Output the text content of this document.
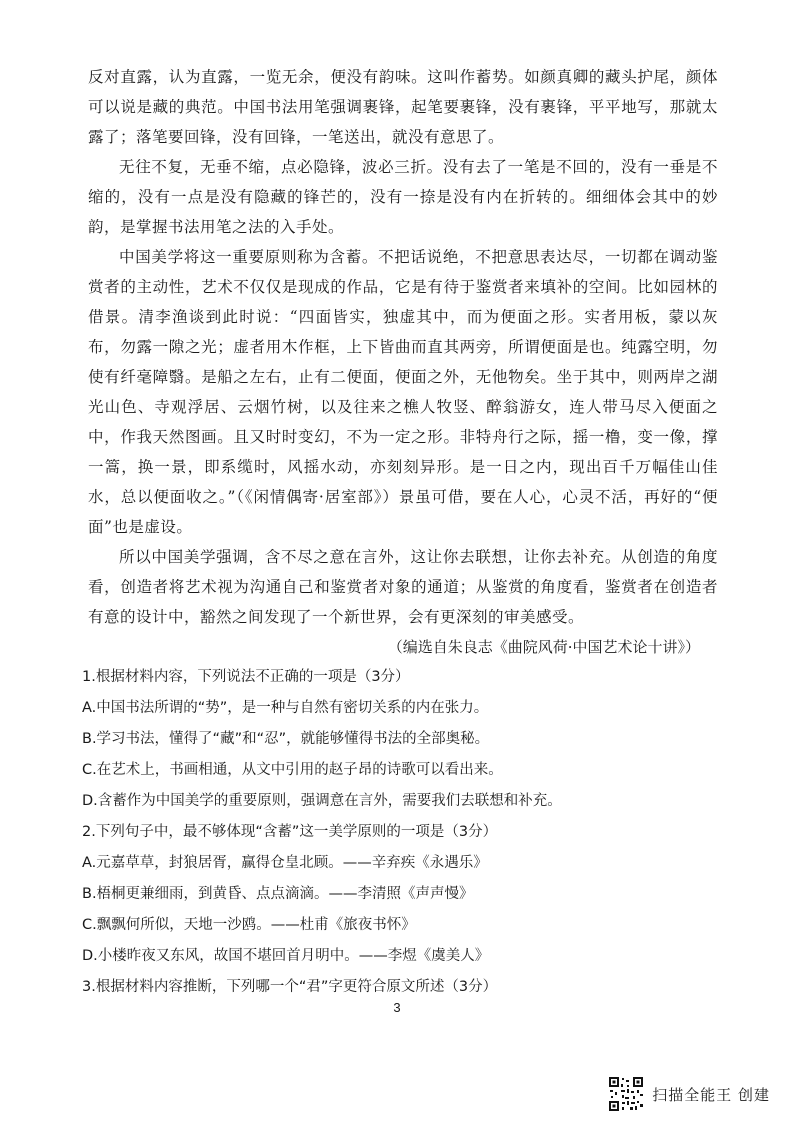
反对直露，认为直露，一览无余，便没有韵味。这叫作蓄势。如颜真卿的藏头护尾，颜体可以说是藏的典范。中国书法用笔强调裹锋，起笔要裹锋，没有裹锋，平平地写，那就太露了；落笔要回锋，没有回锋，一笔送出，就没有意思了。

无往不复，无垂不缩，点必隐锋，波必三折。没有去了一笔是不回的，没有一垂是不缩的，没有一点是没有隐藏的锋芒的，没有一捺是没有内在折转的。细细体会其中的妙韵，是掌握书法用笔之法的入手处。

中国美学将这一重要原则称为含蓄。不把话说绝，不把意思表达尽，一切都在调动鉴赏者的主动性，艺术不仅仅是现成的作品，它是有待于鉴赏者来填补的空间。比如园林的借景。清李渔谈到此时说：“四面皆实，独虚其中，而为便面之形。实者用板，蒙以灰布，勿露一隙之光；虚者用木作框，上下皆曲而直其两旁，所谓便面是也。纯露空明，勿使有纤毫障翳。是船之左右，止有二便面，便面之外，无他物矣。坐于其中，则两岸之湖光山色、寺观浮居、云烟竹树，以及往来之樵人牧竖、醉翁游女，连人带马尽入便面之中，作我天然图画。且又时时变幻，不为一定之形。非特舟行之际，摇一橹，变一像，撑一篙，换一景，即系缆时，风摇水动，亦刻刻异形。是一日之内，现出百千万幅佳山佳水，总以便面收之。”（《闲情偶寄·居室部》）景虽可借，要在人心，心灵不活，再好的“便面”也是虚设。

所以中国美学强调，含不尽之意在言外，这让你去联想，让你去补充。从创造的角度看，创造者将艺术视为沟通自己和鉴赏者对象的通道；从鉴赏的角度看，鉴赏者在创造者有意的设计中，豁然之间发现了一个新世界，会有更深刻的审美感受。

（编选自朱良志《曲院风荷·中国艺术论十讲》）

1.根据材料内容，下列说法不正确的一项是（3分）

A.中国书法所谓的“势”，是一种与自然有密切关系的内在张力。

B.学习书法，懂得了“藏”和“忍”，就能够懂得书法的全部奥秘。

C.在艺术上，书画相通，从文中引用的赵子昂的诗歌可以看出来。

D.含蓄作为中国美学的重要原则，强调意在言外，需要我们去联想和补充。

2.下列句子中，最不够体现“含蓄”这一美学原则的一项是（3分）

A.元嘉草草，封狼居胥，赢得仓皇北顾。——辛弃疾《永遇乐》

B.梧桐更兼细雨，到黄昏、点点滴滴。——李清照《声声慢》

C.飘飘何所似，天地一沙鸥。——杜甫《旅夜书怀》

D.小楼昨夜又东风，故国不堪回首月明中。——李煜《虞美人》

3.根据材料内容推断，下列哪一个“君”字更符合原文所述（3分）

3
扫描全能王 创建
